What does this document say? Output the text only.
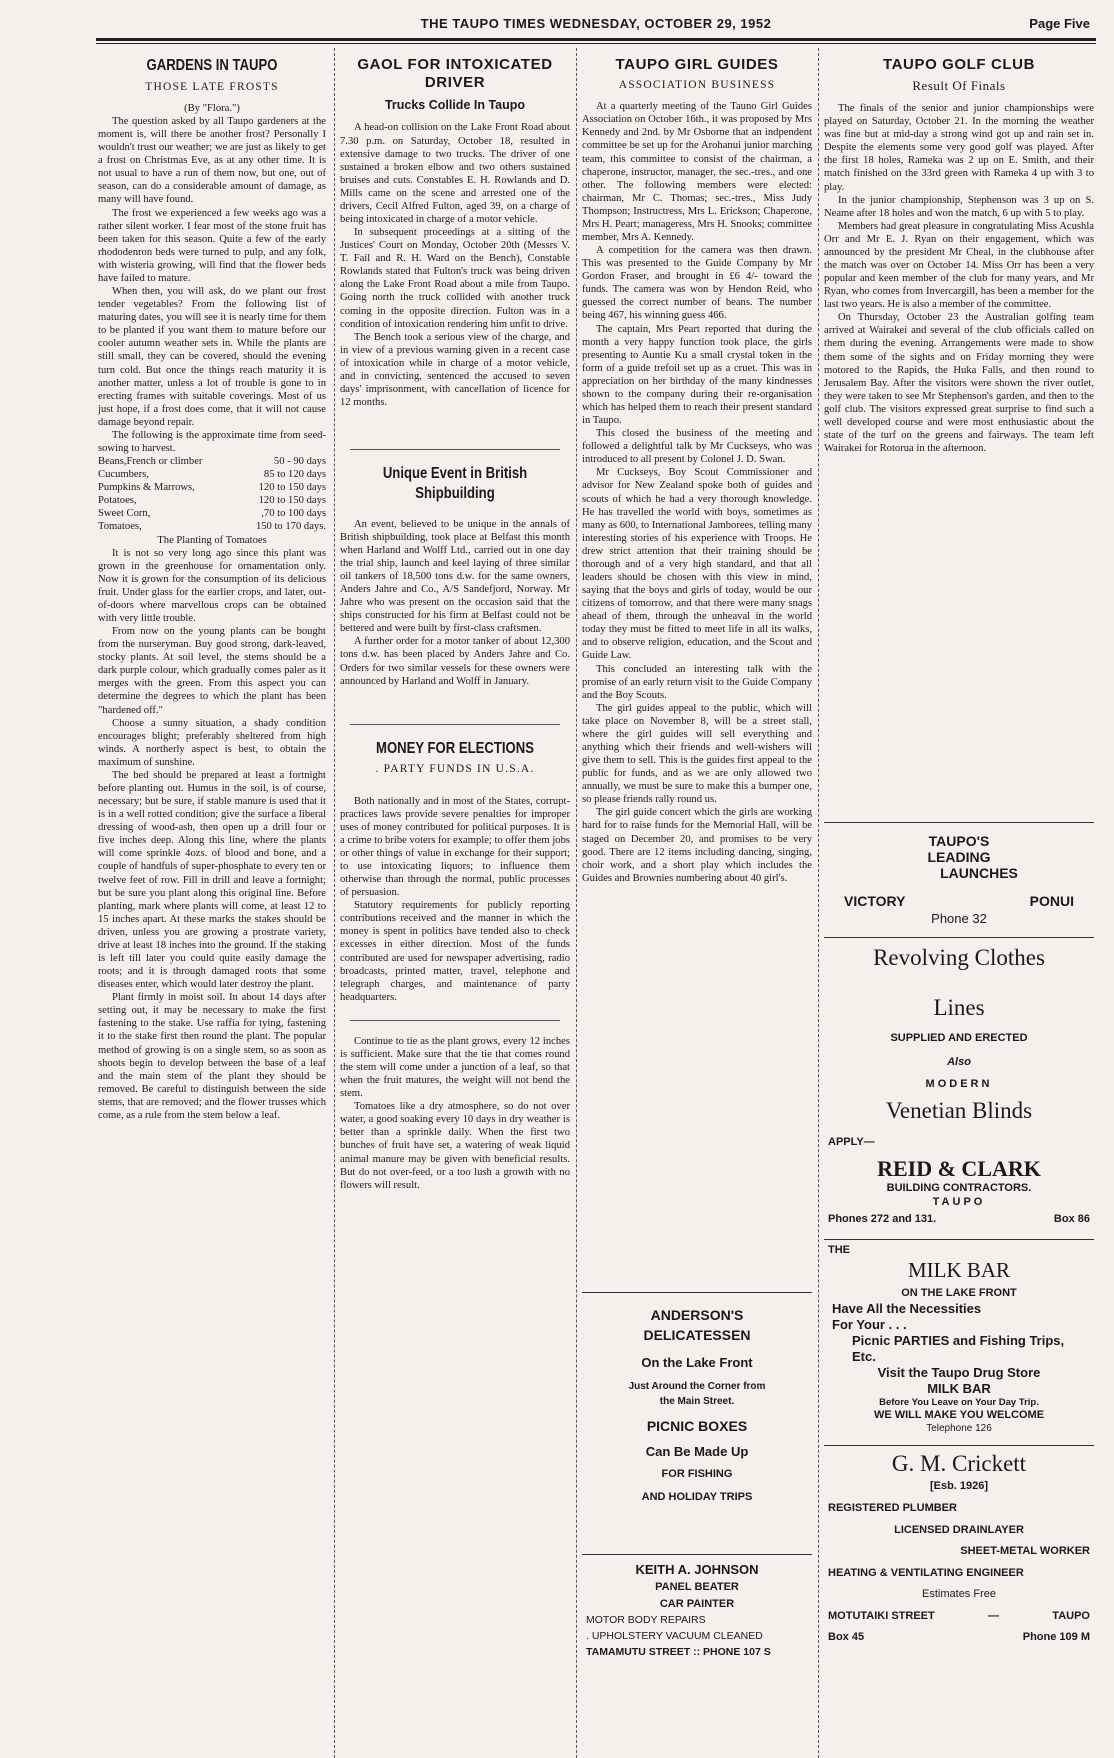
THE TAUPO TIMES WEDNESDAY, OCTOBER 29, 1952	Page Five
GARDENS IN TAUPO
THOSE LATE FROSTS
(By "Flora.")

The question asked by all Taupo gardeners at the moment is, will there be another frost? Personally I wouldn't trust our weather; we are just as likely to get a frost on Christmas Eve, as at any other time. It is not usual to have a run of them now, but one, out of season, can do a considerable amount of damage, as many will have found.

The frost we experienced a few weeks ago was a rather silent worker. I fear most of the stone fruit has been taken for this season. Quite a few of the early rhododenron beds were turned to pulp, and any folk, with wisteria growing, will find that the flower beds have failed to mature.

When then, you will ask, do we plant our frost tender vegetables? From the following list of maturing dates, you will see it is nearly time for them to be planted if you want them to mature before our cooler autumn weather sets in. While the plants are still small, they can be covered, should the evening turn cold. But once the things reach maturity it is another matter, unless a lot of trouble is gone to in erecting frames with suitable coverings. Most of us just hope, if a frost does come, that it will not cause damage beyond repair.

The following is the approximate time from seed-sowing to harvest.

Beans,French or climber	50 - 90 days
Cucumbers,	85 to 120 days
Pumpkins & Marrows,	120 to 150 days
Potatoes,	120 to 150 days
Sweet Corn,	,70 to 100 days
Tomatoes,	150 to 170 days.
The Planting of Tomatoes

It is not so very long ago since this plant was grown in the greenhouse for ornamentation only. Now it is grown for the consumption of its delicious fruit. Under glass for the earlier crops, and later, out-of-doors where marvellous crops can be obtained with very little trouble.

From now on the young plants can be bought from the nurseryman. Buy good strong, dark-leaved, stocky plants. At soil level, the stems should be a dark purple colour, which gradually comes paler as it merges with the green. From this aspect you can determine the degrees to which the plant has been "hardened off."

Choose a sunny situation, a shady condition encourages blight; preferably sheltered from high winds. A northerly aspect is best, to obtain the maximum of sunshine.

The bed should be prepared at least a fortnight before planting out. Humus in the soil, is of course, necessary; but be sure, if stable manure is used that it is in a well rotted condition; give the surface a liberal dressing of wood-ash, then open up a drill four or five inches deep. Along this line, where the plants will come sprinkle 4ozs. of blood and bone, and a couple of handfuls of super-phosphate to every ten or twelve feet of row. Fill in drill and leave a fortnight; but be sure you plant along this original line. Before planting, mark where plants will come, at least 12 to 15 inches apart. At these marks the stakes should be driven, unless you are growing a prostrate variety, drive at least 18 inches into the ground. If the staking is left till later you could quite easily damage the roots; and it is through damaged roots that some diseases enter, which would later destroy the plant.

Plant firmly in moist soil. In about 14 days after setting out, it may be necessary to make the first fastening to the stake. Use raffia for tying, fastening it to the stake first then round the plant. The popular method of growing is on a single stem, so as soon as shoots begin to develop between the base of a leaf and the main stem of the plant they should be removed. Be careful to distinguish between the side stems, that are removed; and the flower trusses which come, as a rule from the stem below a leaf.

GAOL FOR INTOXICATED DRIVER
Trucks Collide In Taupo

A head-on collision on the Lake Front Road about 7.30 p.m. on Saturday, October 18, resulted in extensive damage to two trucks. The driver of one sustained a broken elbow and two others sustained bruises and cuts. Constables E. H. Rowlands and D. Mills came on the scene and arrested one of the drivers, Cecil Alfred Fulton, aged 39, on a charge of being intoxicated in charge of a motor vehicle.

In subsequent proceedings at a sitting of the Justices' Court on Monday, October 20th (Messrs V. T. Fail and R. H. Ward on the Bench), Constable Rowlands stated that Fulton's truck was being driven along the Lake Front Road about a mile from Taupo. Going north the truck collided with another truck coming in the opposite direction. Fulton was in a condition of intoxication rendering him unfit to drive.

The Bench took a serious view of the charge, and in view of a previous warning given in a recent case of intoxication while in charge of a motor vehicle, and in convicting, sentenced the accused to seven days' imprisonment, with cancellation of licence for 12 months.

Unique Event in British Shipbuilding

An event, believed to be unique in the annals of British shipbuilding, took place at Belfast this month when Harland and Wolff Ltd., carried out in one day the trial ship, launch and keel laying of three similar oil tankers of 18,500 tons d.w. for the same owners, Anders Jahre and Co., A/S Sandefjord, Norway. Mr Jahre who was present on the occasion said that the ships constructed for his firm at Belfast could not be bettered and were built by first-class craftsmen.

A further order for a motor tanker of about 12,300 tons d.w. has been placed by Anders Jahre and Co. Orders for two similar vessels for these owners were announced by Harland and Wolff in January.

MONEY FOR ELECTIONS
. PARTY FUNDS IN U.S.A.

Both nationally and in most of the States, corrupt-practices laws provide severe penalties for improper uses of money contributed for political purposes. It is a crime to bribe voters for example; to offer them jobs or other things of value in exchange for their support; to use intoxicating liquors; to influence them otherwise than through the normal, public processes of persuasion.

Statutory requirements for publicly reporting contributions received and the manner in which the money is spent in politics have tended also to check excesses in either direction. Most of the funds contributed are used for newspaper advertising, radio broadcasts, printed matter, travel, telephone and telegraph charges, and maintenance of party headquarters.

Continue to tie as the plant grows, every 12 inches is sufficient. Make sure that the tie that comes round the stem will come under a junction of a leaf, so that when the fruit matures, the weight will not bend the stem.

Tomatoes like a dry atmosphere, so do not over water, a good soaking every 10 days in dry weather is better than a sprinkle daily. When the first two bunches of fruit have set, a watering of weak liquid animal manure may be given with beneficial results. But do not over-feed, or a too lush a growth with no flowers will result.

TAUPO GIRL GUIDES
ASSOCIATION BUSINESS

At a quarterly meeting of the Tauno Girl Guides Association on October 16th., it was proposed by Mrs Kennedy and 2nd. by Mr Osborne that an indpendent committee be set up for the Arohanui junior marching team, this committee to consist of the chairman, a chaperone, instructor, manager, the sec.-tres., and one other. The following members were elected: chairman, Mr C. Thomas; sec.-tres., Miss Judy Thompson; Instructress, Mrs L. Erickson; Chaperone, Mrs H. Peart; manageress, Mrs H. Snooks; committee member, Mrs A. Kennedy.

A competition for the camera was then drawn. This was presented to the Guide Company by Mr Gordon Fraser, and brought in £6 4/- toward the funds. The camera was won by Hendon Reid, who guessed the correct number of beans. The number being 467, his winning guess 466.

The captain, Mrs Peart reported that during the month a very happy function took place, the girls presenting to Auntie Ku a small crystal token in the form of a guide trefoil set up as a cruet. This was in appreciation on her birthday of the many kindnesses shown to the company during their re-organisation which has helped them to reach their present standard in Taupo.

This closed the business of the meeting and followed a delightful talk by Mr Cuckseys, who was introduced to all present by Colonel J. D. Swan.

Mr Cuckseys, Boy Scout Commissioner and advisor for New Zealand spoke both of guides and scouts of which he had a very thorough knowledge. He has travelled the world with boys, sometimes as many as 600, to International Jamborees, telling many interesting stories of his experience with Troops. He drew strict attention that their training should be thorough and of a very high standard, and that all leaders should be chosen with this view in mind, saying that the boys and girls of today, would be our citizens of tomorrow, and that there were many snags ahead of them, through the unheaval in the world today they must be fitted to meet life in all its walks, and to observe religion, education, and the Scout and Guide Law.

This concluded an interesting talk with the promise of an early return visit to the Guide Company and the Boy Scouts.

The girl guides appeal to the public, which will take place on November 8, will be a street stall, where the girl guides will sell everything and anything which their friends and well-wishers will give them to sell. This is the guides first appeal to the public for funds, and as we are only allowed two annually, we must be sure to make this a bumper one, so please friends rally round us.

The girl guide concert which the girls are working hard for to raise funds for the Memorial Hall, will be staged on December 20, and promises to be very good. There are 12 items including dancing, singing, choir work, and a short play which includes the Guides and Brownies numbering about 40 girl's.

ANDERSON'S
DELICATESSEN
On the Lake Front
Just Around the Corner from
the Main Street.
PICNIC BOXES
Can Be Made Up
FOR FISHING
AND HOLIDAY TRIPS
KEITH A. JOHNSON
PANEL BEATER
CAR PAINTER
MOTOR BODY REPAIRS
. UPHOLSTERY VACUUM CLEANED
TAMAMUTU STREET :: PHONE 107 S
TAUPO GOLF CLUB
Result Of Finals

The finals of the senior and junior championships were played on Saturday, October 21. In the morning the weather was fine but at mid-day a strong wind got up and rain set in. Despite the elements some very good golf was played. After the first 18 holes, Rameka was 2 up on E. Smith, and their match finished on the 33rd green with Rameka 4 up with 3 to play.

In the junior championship, Stephenson was 3 up on S. Neame after 18 holes and won the match, 6 up with 5 to play.

Members had great pleasure in congratulating Miss Acushla Orr and Mr E. J. Ryan on their engagement, which was announced by the president Mr Cheal, in the clubhouse after the match was over on October 14. Miss Orr has been a very popular and keen member of the club for many years, and Mr Ryan, who comes from Invercargill, has been a member for the last two years. He is also a member of the committee.

On Thursday, October 23 the Australian golfing team arrived at Wairakei and several of the club officials called on them during the evening. Arrangements were made to show them some of the sights and on Friday morning they were motored to the Rapids, the Huka Falls, and then round to Jerusalem Bay. After the visitors were shown the river outlet, they were taken to see Mr Stephenson's garden, and then to the golf club. The visitors expressed great surprise to find such a well developed course and were most enthusiastic about the state of the turf on the greens and fairways. The team left Wairakei for Rotorua in the afternoon.

TAUPO'S
LEADING
LAUNCHES
VICTORY	PONUI
Phone 32
Revolving Clothes
Lines
SUPPLIED AND ERECTED
Also
MODERN
Venetian Blinds
APPLY—
REID & CLARK
BUILDING CONTRACTORS.
TAUPO
Phones 272 and 131.	Box 86
THE
MILK BAR
ON THE LAKE FRONT
Have All the Necessities
For Your . . .
Picnic PARTIES and Fishing Trips, Etc.
Visit the Taupo Drug Store
MILK BAR
Before You Leave on Your Day Trip.
WE WILL MAKE YOU WELCOME
Telephone 126
G. M. Crickett
[Esb. 1926]
REGISTERED PLUMBER
LICENSED DRAINLAYER
SHEET-METAL WORKER
HEATING & VENTILATING ENGINEER
Estimates Free
MOTUTAIKI STREET	—	TAUPO
Box 45	Phone 109 M
